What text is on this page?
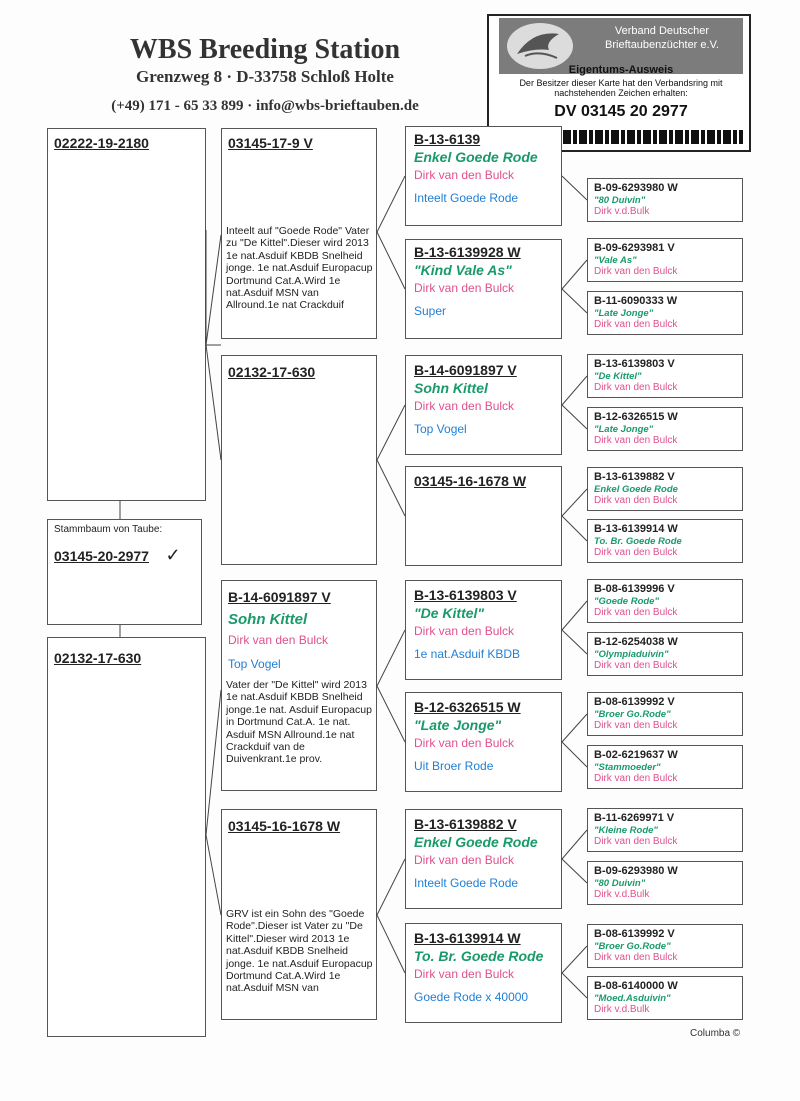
WBS Breeding Station
Grenzweg 8 · D-33758 Schloß Holte
(+49) 171 - 65 33 899 · info@wbs-brieftauben.de
Verband Deutscher Brieftaubenzüchter e.V.
Eigentums-Ausweis
Der Besitzer dieser Karte hat den Verbandsring mit nachstehenden Zeichen erhalten:
DV 03145 20 2977
02222-19-2180
02132-17-630
Stammbaum von Taube:
03145-20-2977 ✓
03145-17-9 V
Inteelt auf "Goede Rode" Vater zu "De Kittel".Dieser wird 2013 1e nat.Asduif KBDB Snelheid jonge. 1e nat.Asduif Europacup Dortmund Cat.A.Wird 1e nat.Asduif MSN van Allround.1e nat Crackduif
02132-17-630
B-14-6091897 V
Sohn Kittel
Dirk van den Bulck
Top Vogel
Vater der "De Kittel" wird 2013 1e nat.Asduif KBDB Snelheid jonge.1e nat. Asduif Europacup in Dortmund Cat.A. 1e nat. Asduif MSN Allround.1e nat Crackduif van de Duivenkrant.1e prov.
03145-16-1678 W
GRV ist ein Sohn des "Goede Rode".Dieser ist Vater zu "De Kittel".Dieser wird 2013 1e nat.Asduif KBDB Snelheid jonge. 1e nat.Asduif Europacup Dortmund Cat.A.Wird 1e nat.Asduif MSN van
B-13-6139
Enkel Goede Rode
Dirk van den Bulck
Inteelt Goede Rode
B-13-6139928 W
"Kind Vale As"
Dirk van den Bulck
Super
B-14-6091897 V
Sohn Kittel
Dirk van den Bulck
Top Vogel
03145-16-1678 W
B-13-6139803 V
"De Kittel"
Dirk van den Bulck
1e nat.Asduif KBDB
B-12-6326515 W
"Late Jonge"
Dirk van den Bulck
Uit Broer Rode
B-13-6139882 V
Enkel Goede Rode
Dirk van den Bulck
Inteelt Goede Rode
B-13-6139914 W
To. Br. Goede Rode
Dirk van den Bulck
Goede Rode x 40000
B-09-6293980 W
"80 Duivin"
Dirk v.d.Bulk
B-09-6293981 V
"Vale As"
Dirk van den Bulck
B-11-6090333 W
"Late Jonge"
Dirk van den Bulck
B-13-6139803 V
"De Kittel"
Dirk van den Bulck
B-12-6326515 W
"Late Jonge"
Dirk van den Bulck
B-13-6139882 V
Enkel Goede Rode
Dirk van den Bulck
B-13-6139914 W
To. Br. Goede Rode
Dirk van den Bulck
B-08-6139996 V
"Goede Rode"
Dirk van den Bulck
B-12-6254038 W
"Olympiaduivin"
Dirk van den Bulck
B-08-6139992 V
"Broer Go.Rode"
Dirk van den Bulck
B-02-6219637 W
"Stammoeder"
Dirk van den Bulck
B-11-6269971 V
"Kleine Rode"
Dirk van den Bulck
B-09-6293980 W
"80 Duivin"
Dirk v.d.Bulk
B-08-6139992 V
"Broer Go.Rode"
Dirk van den Bulck
B-08-6140000 W
"Moed.Asduivin"
Dirk v.d.Bulk
Columba ©
